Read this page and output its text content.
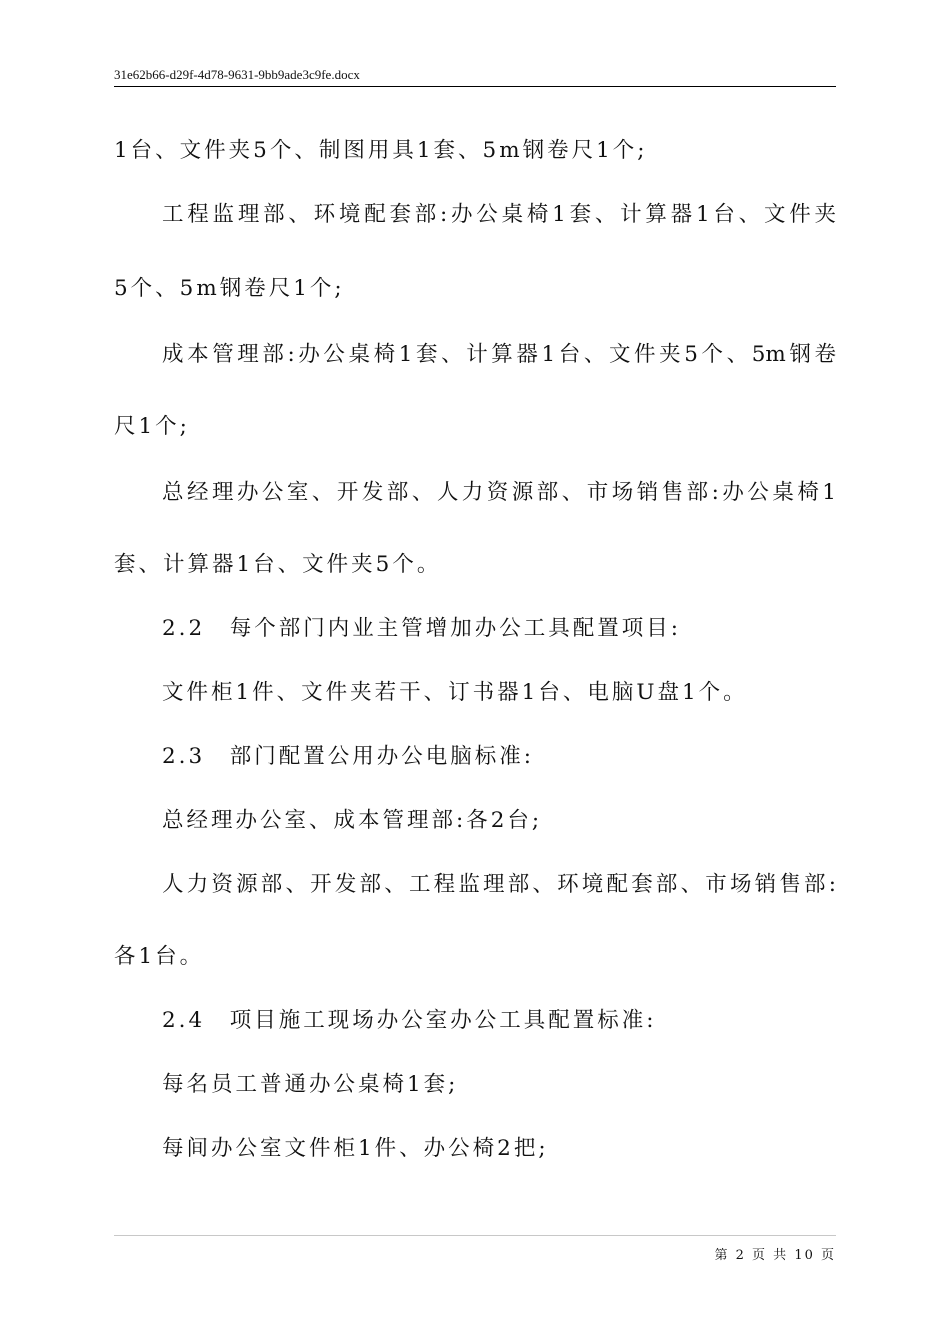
31e62b66-d29f-4d78-9631-9bb9ade3c9fe.docx
1台、文件夹5个、制图用具1套、5m钢卷尺1个;
工程监理部、环境配套部:办公桌椅1套、计算器1台、文件夹
5个、5m钢卷尺1个;
成本管理部:办公桌椅1套、计算器1台、文件夹5个、5m钢卷
尺1个;
总经理办公室、开发部、人力资源部、市场销售部:办公桌椅1
套、计算器1台、文件夹5个。
2.2　每个部门内业主管增加办公工具配置项目:
文件柜1件、文件夹若干、订书器1台、电脑U盘1个。
2.3　部门配置公用办公电脑标准:
总经理办公室、成本管理部:各2台;
人力资源部、开发部、工程监理部、环境配套部、市场销售部:
各1台。
2.4　项目施工现场办公室办公工具配置标准:
每名员工普通办公桌椅1套;
每间办公室文件柜1件、办公椅2把;
第 2 页 共 10 页
